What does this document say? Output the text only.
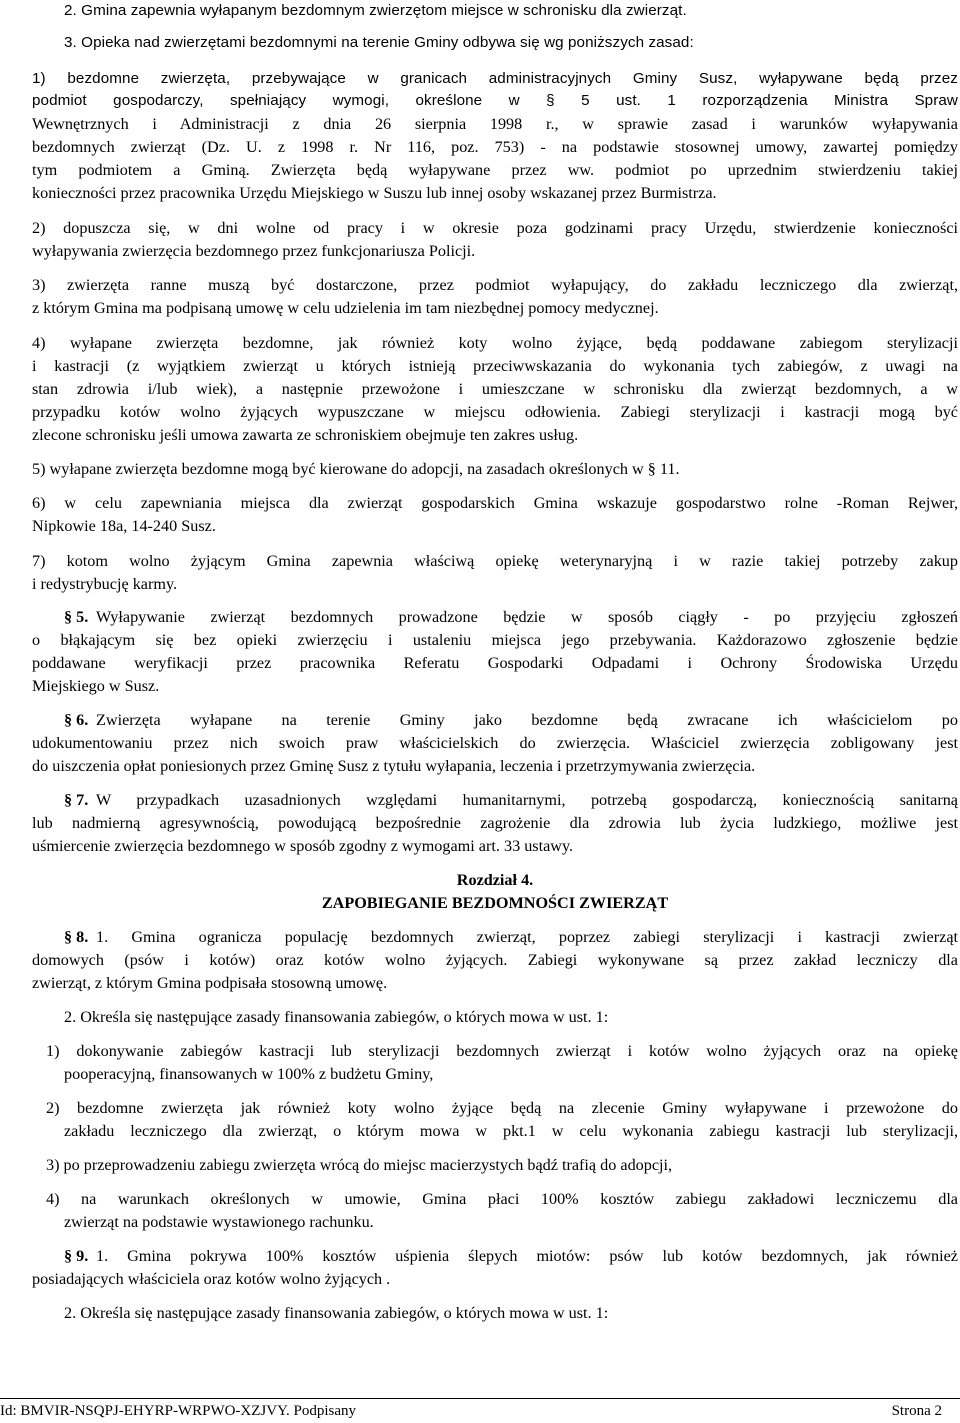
2. Gmina zapewnia wyłapanym bezdomnym zwierzętom miejsce w schronisku dla zwierząt.
3. Opieka nad zwierzętami bezdomnymi na terenie Gminy odbywa się wg poniższych zasad:
1) bezdomne zwierzęta, przebywające w granicach administracyjnych Gminy Susz, wyłapywane będą przez
podmiot gospodarczy, spełniający wymogi, określone w § 5 ust. 1 rozporządzenia Ministra Spraw
Wewnętrznych i Administracji z dnia 26 sierpnia 1998 r., w sprawie zasad i warunków wyłapywania
bezdomnych zwierząt (Dz. U. z 1998 r. Nr 116, poz. 753) - na podstawie stosownej umowy, zawartej pomiędzy
tym podmiotem a Gminą. Zwierzęta będą wyłapywane przez ww. podmiot po uprzednim stwierdzeniu takiej
konieczności przez pracownika Urzędu Miejskiego w Suszu lub innej osoby wskazanej przez Burmistrza.
2) dopuszcza się, w dni wolne od pracy i w okresie poza godzinami pracy Urzędu, stwierdzenie konieczności
wyłapywania zwierzęcia bezdomnego przez funkcjonariusza Policji.
3) zwierzęta ranne muszą być dostarczone, przez podmiot wyłapujący, do zakładu leczniczego dla zwierząt,
z którym Gmina ma podpisaną umowę w celu udzielenia im tam niezbędnej pomocy medycznej.
4) wyłapane zwierzęta bezdomne, jak również koty wolno żyjące, będą poddawane zabiegom sterylizacji
i kastracji (z wyjątkiem zwierząt u których istnieją przeciwwskazania do wykonania tych zabiegów, z uwagi na
stan zdrowia i/lub wiek), a następnie przewożone i umieszczane w schronisku dla zwierząt bezdomnych, a w
przypadku kotów wolno żyjących wypuszczane w miejscu odłowienia. Zabiegi sterylizacji i kastracji mogą być
zlecone schronisku jeśli umowa zawarta ze schroniskiem obejmuje ten zakres usług.
5) wyłapane zwierzęta bezdomne mogą być kierowane do adopcji, na zasadach określonych w § 11.
6) w celu zapewniania miejsca dla zwierząt gospodarskich Gmina wskazuje gospodarstwo rolne -Roman Rejwer,
Nipkowie 18a, 14-240 Susz.
7) kotom wolno żyjącym Gmina zapewnia właściwą opiekę weterynaryjną i w razie takiej potrzeby zakup
i redystrybucję karmy.
§ 5. Wyłapywanie zwierząt bezdomnych prowadzone będzie w sposób ciągły - po przyjęciu zgłoszeń
o błąkającym się bez opieki zwierzęciu i ustaleniu miejsca jego przebywania. Każdorazowo zgłoszenie będzie
poddawane weryfikacji przez pracownika Referatu Gospodarki Odpadami i Ochrony Środowiska Urzędu
Miejskiego w Susz.
§ 6. Zwierzęta wyłapane na terenie Gminy jako bezdomne będą zwracane ich właścicielom po
udokumentowaniu przez nich swoich praw właścicielskich do zwierzęcia. Właściciel zwierzęcia zobligowany jest
do uiszczenia opłat poniesionych przez Gminę Susz z tytułu wyłapania, leczenia i przetrzymywania zwierzęcia.
§ 7. W przypadkach uzasadnionych względami humanitarnymi, potrzebą gospodarczą, koniecznością sanitarną
lub nadmierną agresywnością, powodującą bezpośrednie zagrożenie dla zdrowia lub życia ludzkiego, możliwe jest
uśmiercenie zwierzęcia bezdomnego w sposób zgodny z wymogami art. 33 ustawy.
Rozdział 4.
ZAPOBIEGANIE BEZDOMNOŚCI ZWIERZĄT
§ 8. 1. Gmina ogranicza populację bezdomnych zwierząt, poprzez zabiegi sterylizacji i kastracji zwierząt
domowych (psów i kotów) oraz kotów wolno żyjących. Zabiegi wykonywane są przez zakład leczniczy dla
zwierząt, z którym Gmina podpisała stosowną umowę.
2. Określa się następujące zasady finansowania zabiegów, o których mowa w ust. 1:
1) dokonywanie zabiegów kastracji lub sterylizacji bezdomnych zwierząt i kotów wolno żyjących oraz na opiekę
pooperacyjną, finansowanych w 100% z budżetu Gminy,
2) bezdomne zwierzęta jak również koty wolno żyjące będą na zlecenie Gminy wyłapywane i przewożone do
zakładu leczniczego dla zwierząt, o którym mowa w pkt.1 w celu wykonania zabiegu kastracji lub sterylizacji,
3) po przeprowadzeniu zabiegu zwierzęta wrócą do miejsc macierzystych bądź trafią do adopcji,
4) na warunkach określonych w umowie, Gmina płaci 100% kosztów zabiegu zakładowi leczniczemu dla
zwierząt na podstawie wystawionego rachunku.
§ 9. 1. Gmina pokrywa 100% kosztów uśpienia ślepych miotów: psów lub kotów bezdomnych, jak również
posiadających właściciela oraz kotów wolno żyjących .
2. Określa się następujące zasady finansowania zabiegów, o których mowa w ust. 1:
Id: BMVIR-NSQPJ-EHYRP-WRPWO-XZJVY. Podpisany	Strona 2
